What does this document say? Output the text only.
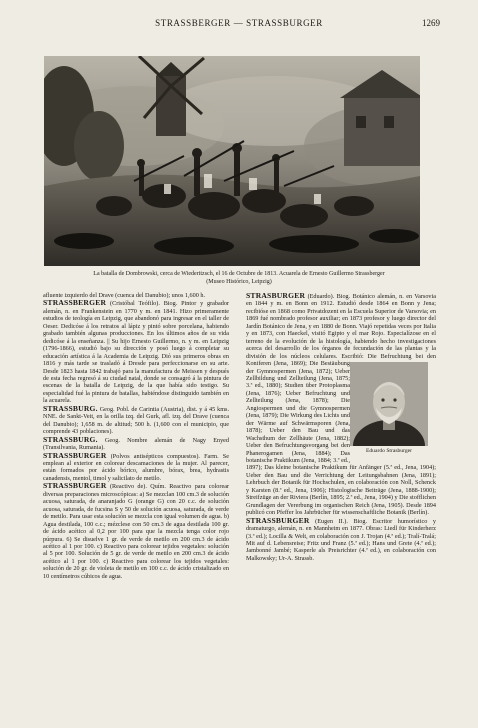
STRASSBERGER — STRASSBURGER	1269
La batalla de Dombrowski, cerca de Wiederitzsch, el 16 de Octubre de 1813. Acuarela de Ernesto Guillermo Strassberger
(Museo Histórico, Leipzig)

afluente izquierdo del Drave (cuenca del Danubio); unos 1,600 h.

STRASSBERGER (Cristóbal Teófilo). Biog. Pintor y grabador alemán, n. en Frankenstein en 1770 y m. en 1841. Hizo primeramente estudios de teología en Leipzig, que abandonó para ingresar en el taller de Oeser. Dedicóse á los retratos al lápiz y pintó sobre porcelana, habiendo grabado también algunas producciones. En los últimos años de su vida dedicóse á la enseñanza. || Su hijo Ernesto Guillermo, n. y m. en Leipzig (1796-1866), estudió bajo su dirección y posó luego á completar su educación artística á la Academia de Leipzig. Dió sus primeros obras en 1816 y más tarde se trasladó á Dresde para perfeccionarse en su arte. Desde 1823 hasta 1842 trabajó para la manufactura de Meissen y después de esta fecha regresó á su ciudad natal, donde se consagró á la pintura de escenas de la batalla de Leipzig, de la que había sido testigo. Su especialidad fué la pintura de batallas, habiéndose distinguido también en la acuarela.

STRASSBURG. Geog. Pobl. de Carintia (Austria), dist. y á 45 kms. NNE. de Sankt-Veit, en la orilla izq. del Gurk, afl. izq. del Drave (cuenca del Danubio); 1,658 m. de altitud; 500 h. (1,600 con el municipio, que comprende 43 poblaciones).

STRASSBURG. Geog. Nombre alemán de Nagy Enyed (Transilvania, Rumania).

STRASSBURGER (Polvos antisépticos compuestos). Farm. Se emplean al exterior en colorear descamaciones de la mujer. Al parecer, están formados por ácido bórico, alumbre, bórax, brea, hydrastis canadensis, mentol, timol y salicilato de metilo.

STRASSBURGER (Reactivo de). Quím. Reactivo para colorear diversas preparaciones microscópicas: a) Se mezclan 100 cm.3 de solución acuosa, saturada, de anaranjado G (orange G) con 20 c.c. de solución acuosa, saturada, de fucsina S y 50 de solución acuosa, saturada, de verde de metilo. Para usar esta solución se mezcla con igual volumen de agua. b) Agua destilada, 100 c.c.; mézclese con 50 cm.3 de agua destilada 100 gr. de ácido acético al 0,2 por 100 para que la mezcla tenga color rojo púrpura. 6) Se disuelve 1 gr. de verde de metilo en 200 cm.3 de ácido acético al 1 por 100. c) Reactivo para colorear tejidos vegetales: solución al 5 por 100. Solución de 5 gr. de verde de metilo en 200 cm.3 de ácido acético al 1 por 100. c) Reactivo para colorear los tejidos vegetales: solución de 20 gr. de violeta de metilo en 100 c.c. de ácido cristalizado en 10 centímetros cúbicos de agua.

STRASBURGER (Eduardo). Biog. Botánico alemán, n. en Varsovia en 1844 y m. en Bonn en 1912. Estudió desde 1864 en Bonn y Jena; recibióse en 1868 como Privatdozent en la Escuela Superior de Varsovia; en 1869 fué nombrado profesor auxiliar; en 1873 profesor y luego director del Jardín Botánico de Jena, y en 1880 de Bonn. Viajó repetidas veces por Italia y en 1873, con Haeckel, visitó Egipto y el mar Rojo. Especialízose en el terreno de la evolución de la histología, habiendo hecho investigaciones acerca del desarrollo de los órganos de fecundación de las plantas y la división de los núcleos celulares. Escribió: Die Befruchtung bei den Koniferen (Jena, 1869); Die Bestäubung der Gymnospermen (Jena, 1872); Ueber Zellbildung und Zellteilung (Jena, 1875; 3.ª ed., 1880); Studien über Protoplasma (Jena, 1876); Ueber Befruchtung und Zellteilung (Jena, 1878); Die Angiospermen und die Gymnospermen (Jena, 1879); Die Wirkung des Lichts und der Wärme auf Schwärmsporen (Jena, 1878); Ueber den Bau und das Wachsthum der Zellhäute (Jena, 1882); Ueber den Befruchtungsvorgang bei den Phanerogamen (Jena, 1884); Das botanische Praktikum (Jena, 1884; 3.ª ed., 1897); Das kleine botanische Praktikum für Anfänger (5.ª ed., Jena, 1904); Ueber den Bau und die Verrichtung der Leitungsbahnen (Jena, 1891); Lehrbuch der Botanik für Hochschulen, en colaboración con Noll, Schenck y Karsten (8.ª ed., Jena, 1906); Histologische Beiträge (Jena, 1888-1900); Streifzüge an der Riviera (Berlín, 1895; 2.ª ed., Jena, 1904) y Die stofflichen Grundlagen der Vererbung im organischen Reich (Jena, 1905). Desde 1894 publicó con Pfeffer los Jahrbücher für wissenschaftliche Botanik (Berlín).

STRASSBURGER (Eugen II.). Biog. Escritor humorístico y dramaturgo, alemán, n. en Mannheim en 1877. Obras: Liedl für Kinderherz (3.ª ed.); Locilla & Welt, en colaboración con J. Trojan (4.ª ed.); Tralí-Tralá; Mit auf d. Lebensreise; Fritz und Franz (5.ª ed.); Hans und Grete (4.ª ed.); Jambonné Jambé; Kasperle als Preisrichter (4.ª ed.), en colaboración con Malkowsky; Ur-A. Strassb.

Eduardo Strasburger
